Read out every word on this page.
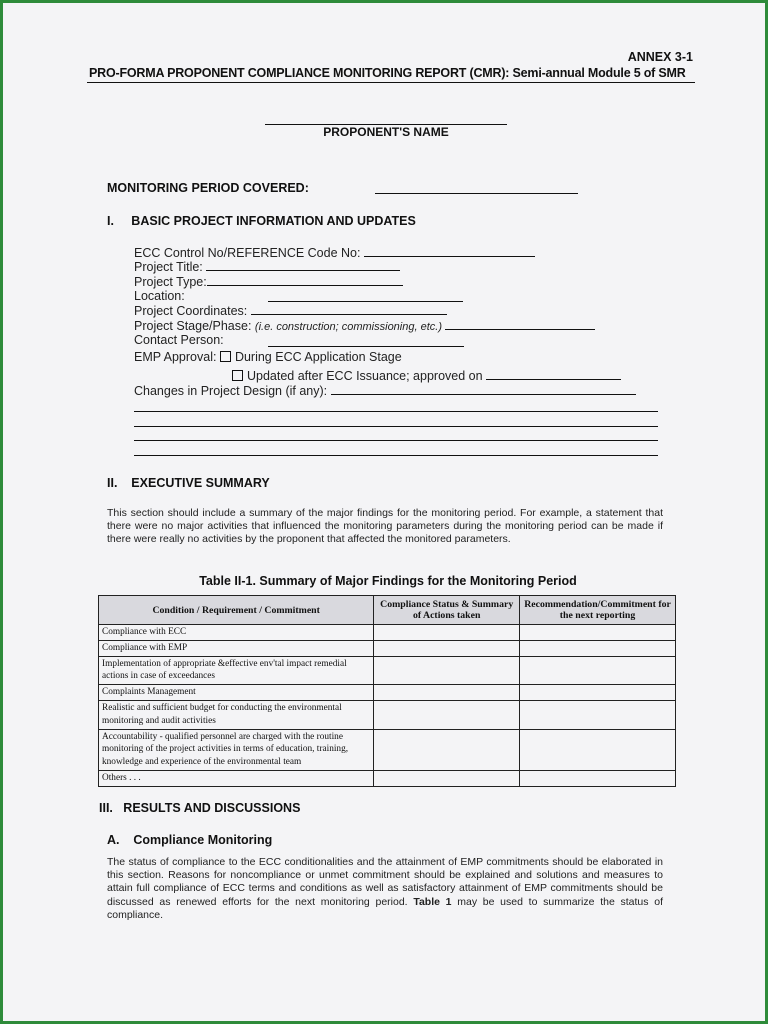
ANNEX 3-1
PRO-FORMA PROPONENT COMPLIANCE MONITORING REPORT (CMR): Semi-annual Module 5 of SMR
PROPONENT'S NAME
MONITORING PERIOD COVERED:
I.     BASIC PROJECT INFORMATION AND UPDATES
ECC Control No/REFERENCE Code No:
Project Title:
Project Type:
Location:
Project Coordinates:
Project Stage/Phase: (i.e. construction; commissioning, etc.)
Contact Person:
EMP Approval: During ECC Application Stage
Updated after ECC Issuance; approved on
Changes in Project Design (if any):
II.    EXECUTIVE SUMMARY
This section should include a summary of the major findings for the monitoring period. For example, a statement that there were no major activities that influenced the monitoring parameters during the monitoring period can be made if there were really no activities by the proponent that affected the monitored parameters.
Table II-1. Summary of Major Findings for the Monitoring Period
Condition / Requirement / Commitment	Compliance Status & Summary of Actions taken	Recommendation/Commitment for the next reporting
Compliance with ECC		
Compliance with EMP		
Implementation of appropriate &effective env'tal impact remedial actions in case of exceedances		
Complaints Management		
Realistic and sufficient budget for conducting the environmental monitoring and audit activities		
Accountability - qualified personnel are charged with the routine monitoring of the project activities in terms of education, training, knowledge and experience of the environmental team		
Others . . .		
III.   RESULTS AND DISCUSSIONS
A.    Compliance Monitoring
The status of compliance to the ECC conditionalities and the attainment of EMP commitments should be elaborated in this section. Reasons for noncompliance or unmet commitment should be explained and solutions and measures to attain full compliance of ECC terms and conditions as well as satisfactory attainment of EMP commitments should be discussed as renewed efforts for the next monitoring period. Table 1 may be used to summarize the status of compliance.
